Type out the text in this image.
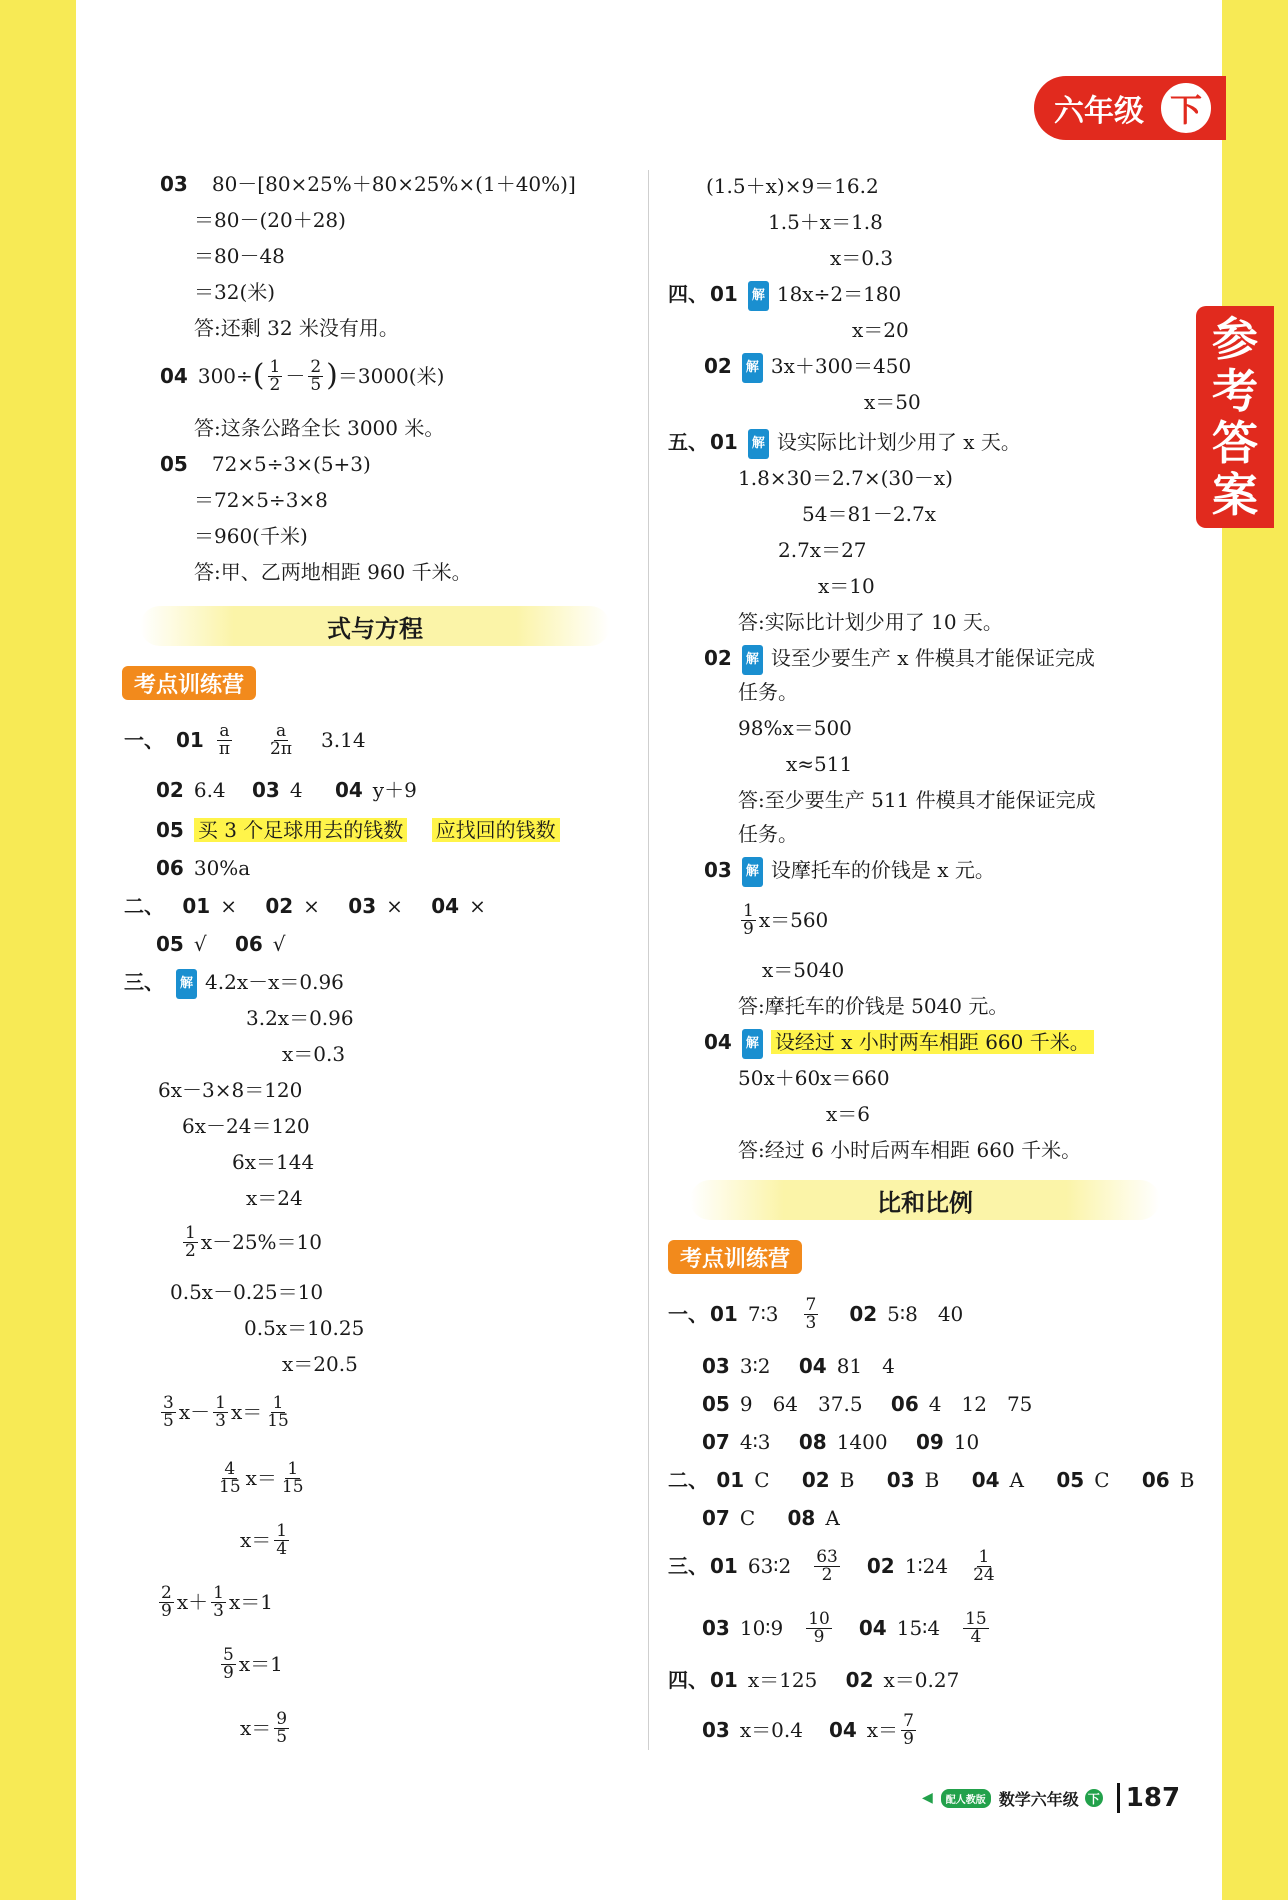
六年级 下
参
考
答
案
03 80－[80×25%＋80×25%×(1＋40%)]
＝80－(20＋28)
＝80－48
＝32(米)
答:还剩 32 米没有用。
04 300÷ ( $\frac{1}{2} - \frac{2}{5}$ ) ＝3000(米)
答:这条公路全长 3000 米。
05 72×5÷3×(5+3)
＝72×5÷3×8
＝960(千米)
答:甲、乙两地相距 960 千米。
式与方程
考点训练营
一、 $01 \frac{a}{\pi} \frac{a}{2\pi} 3.14$
02 6.4 03 4 04 y＋9
05 买 3 个足球用去的钱数 应找回的钱数
06 30%a
二、 01 × 02 × 03 × 04 ×
05 √ 06 √
三、 解 4.2x－x＝0.96
3.2x＝0.96
x＝0.3
6x－3×8＝120
6x－24＝120
6x＝144
x＝24
$\frac{1}{2} x-25\%=10$
0.5x－0.25＝10
0.5x＝10.25
x＝20.5
$\frac{3}{5} x- \frac{1}{3} x= \frac{1}{15}$
$\frac{4}{15} x= \frac{1}{15}$
$x= \frac{1}{4}$
$\frac{2}{9} x+ \frac{1}{3} x=1$
$\frac{5}{9} x=1$
$x= \frac{9}{5}$
(1.5＋x)×9＝16.2
1.5＋x＝1.8
x＝0.3
四、 01 解 18x÷2＝180
x＝20
02 解 3x＋300＝450
x＝50
五、 01 解 设实际比计划少用了 x 天。
1.8×30＝2.7×(30－x)
54＝81－2.7x
2.7x＝27
x＝10
答:实际比计划少用了 10 天。
02 解 设至少要生产 x 件模具才能保证完成
任务。
98%x＝500
x≈511
答:至少要生产 511 件模具才能保证完成
任务。
03 解 设摩托车的价钱是 x 元。
$\frac{1}{9} x=560$
x＝5040
答:摩托车的价钱是 5040 元。
04 解 设经过 x 小时两车相距 660 千米。
50x＋60x＝660
x＝6
答:经过 6 小时后两车相距 660 千米。
比和比例
考点训练营
一、 01 7∶3 $\frac{7}{3} 02$ 5∶8　40
03 3∶2 04 81　4
05 9　64　37.5 06 4　12　75
07 4∶3 08 1400 09 10
二、 01 C 02 B 03 B 04 A 05 C 06 B
07 C 08 A
三、 01 63∶2 $\frac{63}{2} 02$ 1∶24 $\frac{1}{24}$
03 10∶9 $\frac{10}{9} 04$ 15∶4 $\frac{15}{4}$
四、 01 x＝125 02 x＝0.27
03 x＝0.4 04 $x= \frac{7}{9}$
◀	配人教版 数学六年级 下	187
